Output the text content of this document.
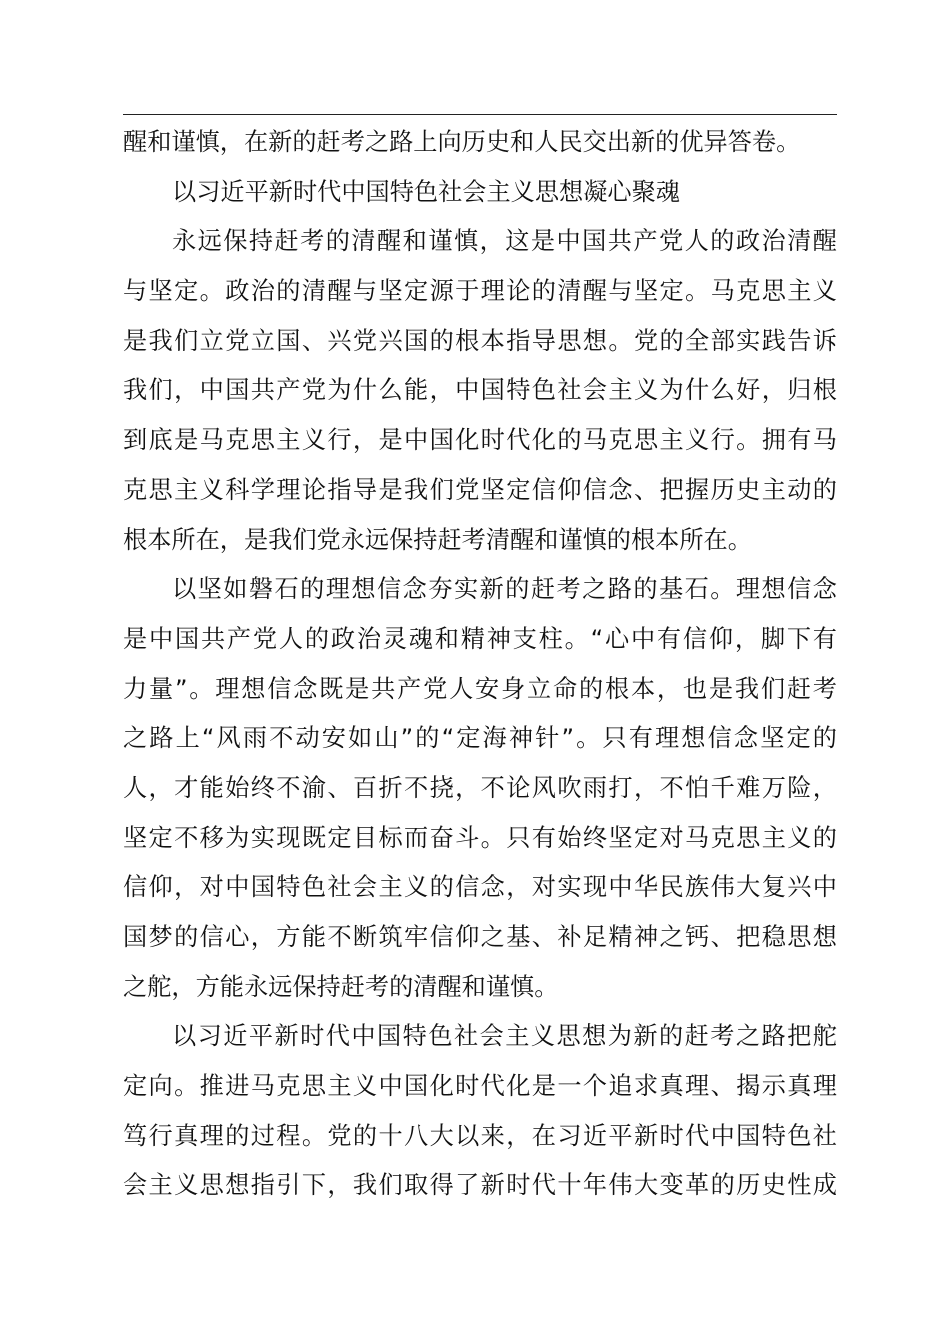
醒和谨慎，在新的赶考之路上向历史和人民交出新的优异答卷。
以习近平新时代中国特色社会主义思想凝心聚魂
永远保持赶考的清醒和谨慎，这是中国共产党人的政治清醒
与坚定。政治的清醒与坚定源于理论的清醒与坚定。马克思主义
是我们立党立国、兴党兴国的根本指导思想。党的全部实践告诉
我们，中国共产党为什么能，中国特色社会主义为什么好，归根
到底是马克思主义行，是中国化时代化的马克思主义行。拥有马
克思主义科学理论指导是我们党坚定信仰信念、把握历史主动的
根本所在，是我们党永远保持赶考清醒和谨慎的根本所在。
以坚如磐石的理想信念夯实新的赶考之路的基石。理想信念
是中国共产党人的政治灵魂和精神支柱。“心中有信仰，脚下有
力量”。理想信念既是共产党人安身立命的根本，也是我们赶考
之路上“风雨不动安如山”的“定海神针”。只有理想信念坚定的
人，才能始终不渝、百折不挠，不论风吹雨打，不怕千难万险，
坚定不移为实现既定目标而奋斗。只有始终坚定对马克思主义的
信仰，对中国特色社会主义的信念，对实现中华民族伟大复兴中
国梦的信心，方能不断筑牢信仰之基、补足精神之钙、把稳思想
之舵，方能永远保持赶考的清醒和谨慎。
以习近平新时代中国特色社会主义思想为新的赶考之路把舵
定向。推进马克思主义中国化时代化是一个追求真理、揭示真理
笃行真理的过程。党的十八大以来，在习近平新时代中国特色社
会主义思想指引下，我们取得了新时代十年伟大变革的历史性成
